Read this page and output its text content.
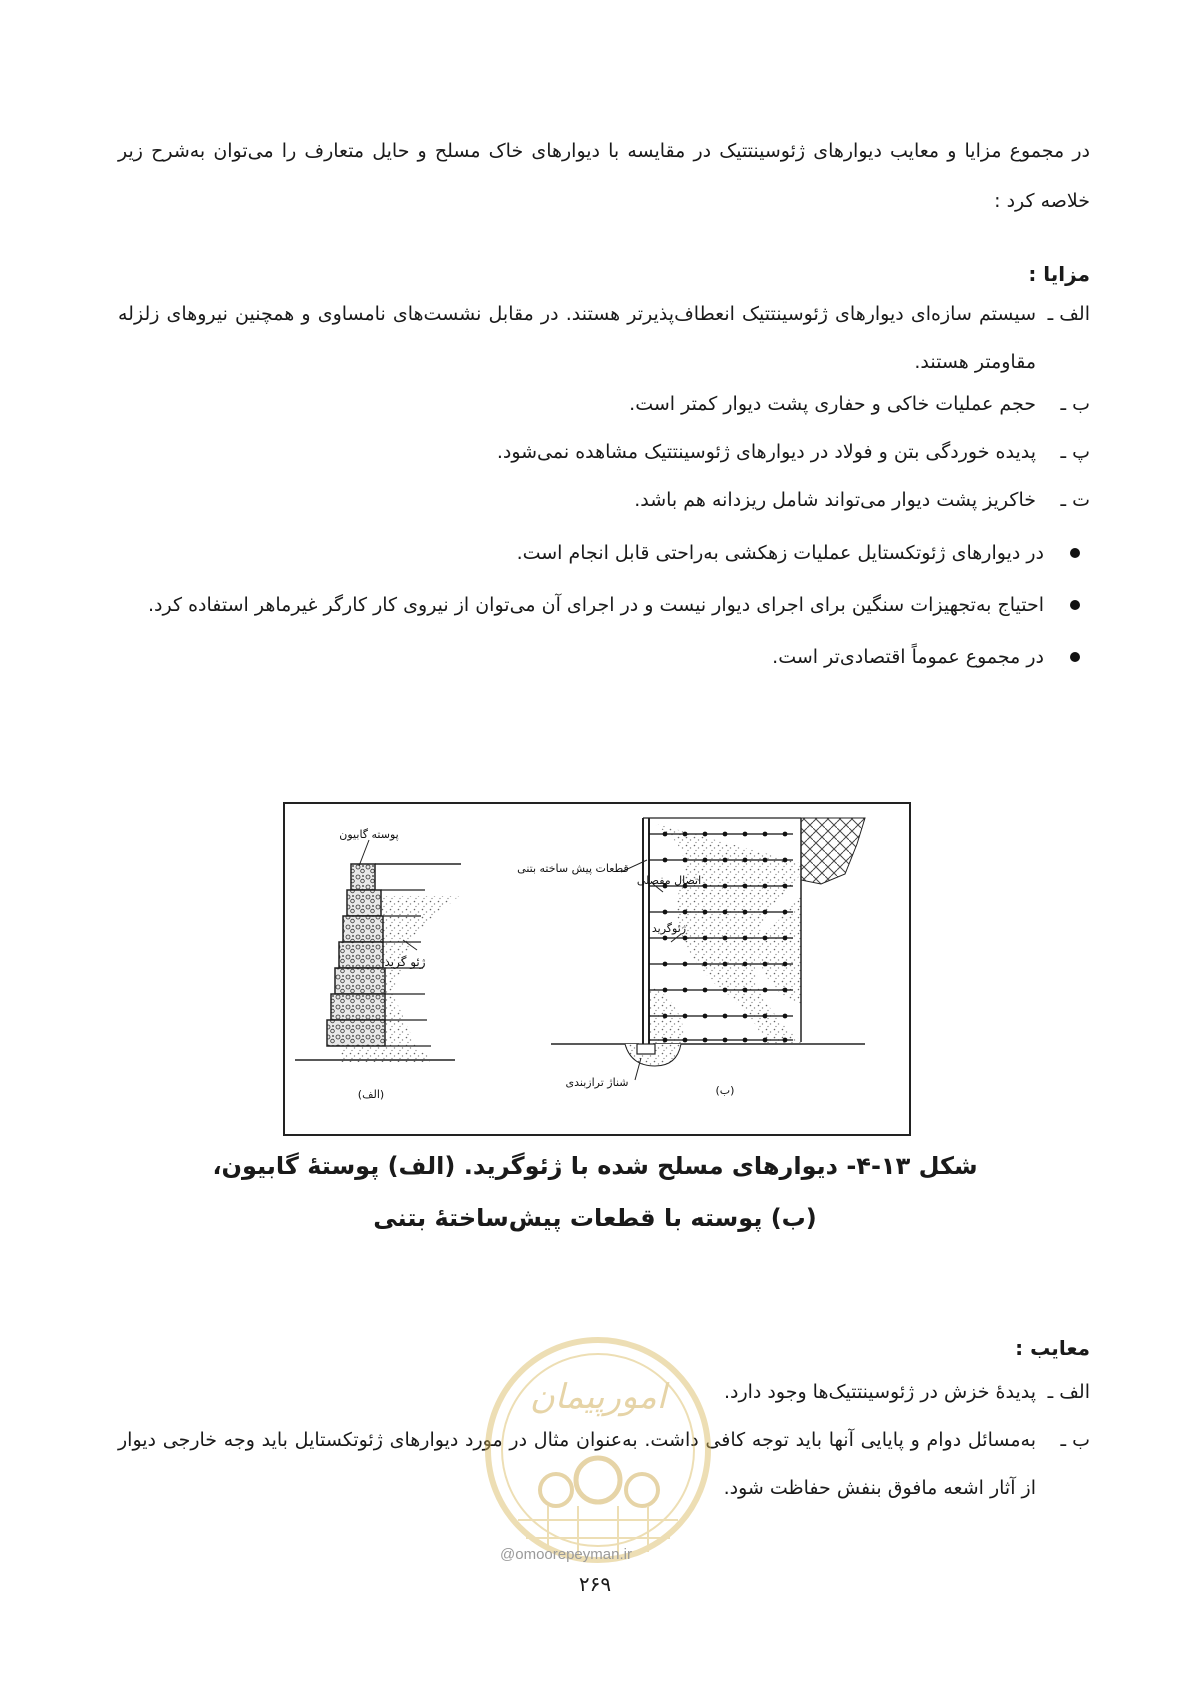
در مجموع مزایا و معایب دیوارهای ژئوسینتتیک در مقایسه با دیوارهای خاک مسلح و حایل متعارف را می‌توان به‌شرح زیر خلاصه کرد :
مزایا :
الف ـ
سیستم سازه‌ای دیوارهای ژئوسینتتیک انعطاف‌پذیرتر هستند. در مقابل نشست‌های نامساوی و همچنین نیروهای زلزله مقاومتر هستند.
ب ـ
حجم عملیات خاکی و حفاری پشت دیوار کمتر است.
پ ـ
پدیده خوردگی بتن و فولاد در دیوارهای ژئوسینتتیک مشاهده نمی‌شود.
ت ـ
خاکریز پشت دیوار می‌تواند شامل ریزدانه هم باشد.
در دیوارهای ژئوتکستایل عملیات زهکشی به‌راحتی قابل انجام است.
احتیاج به‌تجهیزات سنگین برای اجرای دیوار نیست و در اجرای آن می‌توان از نیروی کار کارگر غیرماهر استفاده کرد.
در مجموع عموماً اقتصادی‌تر است.
پوسته گابیون
ژئو گرید
(الف)
قطعات پیش ساخته بتنی
اتصال مفصلی
ژئوگرید
شناژ ترازبندی
(ب)
شکل ۱۳-۴- دیوارهای مسلح شده با ژئوگرید. (الف) پوستهٔ گابیون،
(ب) پوسته با قطعات پیش‌ساختهٔ بتنی
معایب :
الف ـ
پدیدهٔ خزش در ژئوسینتتیک‌ها وجود دارد.
ب ـ
به‌مسائل دوام و پایایی آنها باید توجه کافی داشت. به‌عنوان مثال در مورد دیوارهای ژئوتکستایل باید وجه خارجی دیوار از آثار اشعه مافوق بنفش حفاظت شود.
امورپیمان
@omoorepeyman.ir
۲۶۹
